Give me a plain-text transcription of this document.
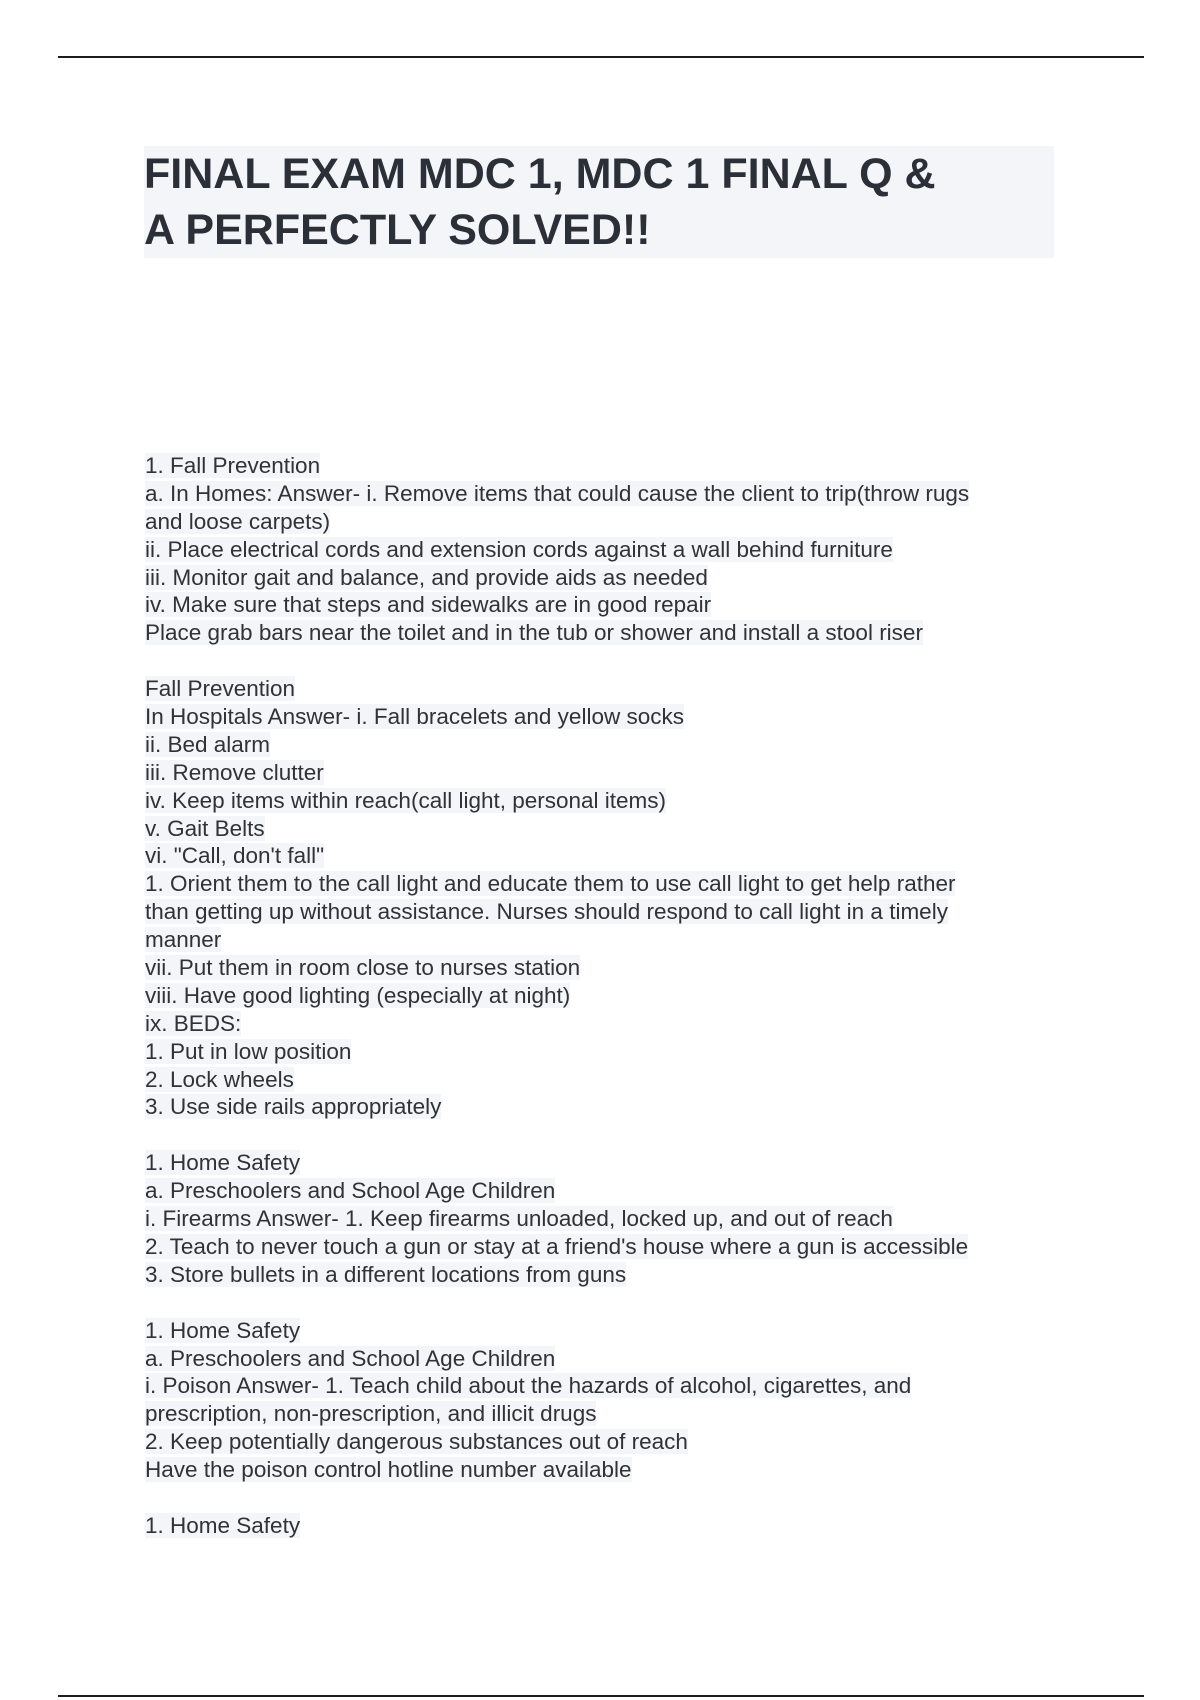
FINAL EXAM MDC 1, MDC 1 FINAL Q &
A PERFECTLY SOLVED!!
1. Fall Prevention
a. In Homes: Answer- i. Remove items that could cause the client to trip(throw rugs
and loose carpets)
ii. Place electrical cords and extension cords against a wall behind furniture
iii. Monitor gait and balance, and provide aids as needed
iv. Make sure that steps and sidewalks are in good repair
Place grab bars near the toilet and in the tub or shower and install a stool riser
Fall Prevention
In Hospitals Answer- i. Fall bracelets and yellow socks
ii. Bed alarm
iii. Remove clutter
iv. Keep items within reach(call light, personal items)
v. Gait Belts
vi. "Call, don't fall"
1. Orient them to the call light and educate them to use call light to get help rather
than getting up without assistance. Nurses should respond to call light in a timely
manner
vii. Put them in room close to nurses station
viii. Have good lighting (especially at night)
ix. BEDS:
1. Put in low position
2. Lock wheels
3. Use side rails appropriately
1. Home Safety
a. Preschoolers and School Age Children
i. Firearms Answer- 1. Keep firearms unloaded, locked up, and out of reach
2. Teach to never touch a gun or stay at a friend's house where a gun is accessible
3. Store bullets in a different locations from guns
1. Home Safety
a. Preschoolers and School Age Children
i. Poison Answer- 1. Teach child about the hazards of alcohol, cigarettes, and
prescription, non-prescription, and illicit drugs
2. Keep potentially dangerous substances out of reach
Have the poison control hotline number available
1. Home Safety
